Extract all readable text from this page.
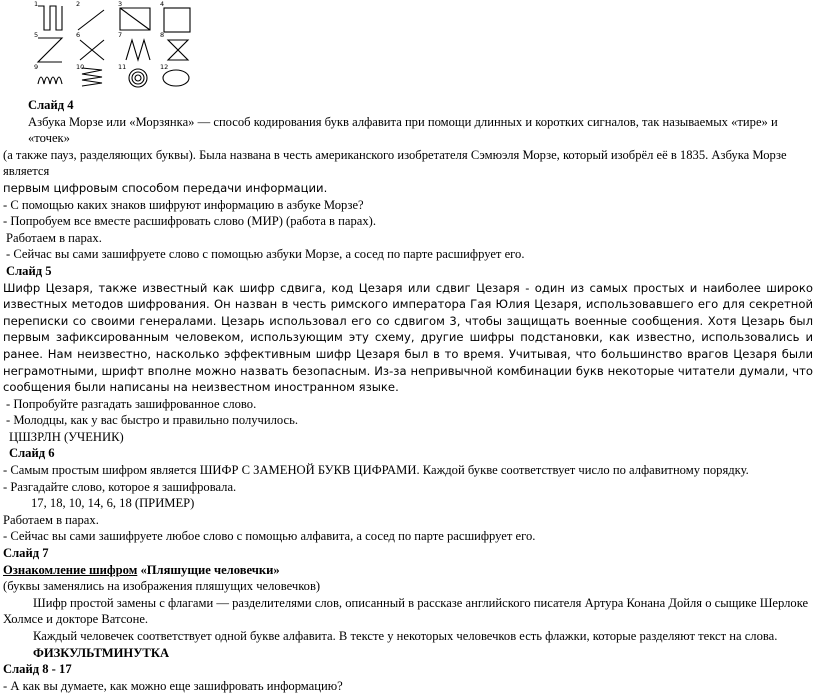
1	2	3	4
5	6	7	8
9	10	11	12

Слайд 4

Азбука Морзе или «Морзянка» — способ кодирования букв алфавита при помощи длинных и коротких сигналов, так называемых «тире» и «точек»

(а также пауз, разделяющих буквы). Была названа в честь американского изобретателя Сэмюэля Морзе, который изобрёл её в 1835. Азбука Морзе является

первым цифровым способом передачи информации.

- С помощью каких знаков шифруют информацию в азбуке Морзе?

- Попробуем все вместе расшифровать слово (МИР) (работа в парах).

Работаем в парах.

- Сейчас вы сами зашифруете слово с помощью азбуки Морзе, а сосед по парте расшифрует его.

Слайд 5

Шифр Цезаря, также известный как шифр сдвига, код Цезаря или сдвиг Цезаря - один из самых простых и наиболее широко известных методов шифрования. Он назван в честь римского императора Гая Юлия Цезаря, использовавшего его для секретной переписки со своими генералами. Цезарь использовал его со сдвигом 3, чтобы защищать военные сообщения. Хотя Цезарь был первым зафиксированным человеком, использующим эту схему, другие шифры подстановки, как известно, использовались и ранее. Нам неизвестно, насколько эффективным шифр Цезаря был в то время. Учитывая, что большинство врагов Цезаря были неграмотными, шрифт вполне можно назвать безопасным. Из-за непривычной комбинации букв некоторые читатели думали, что сообщения были написаны на неизвестном иностранном языке.

- Попробуйте разгадать зашифрованное слово.

- Молодцы, как у вас быстро и правильно получилось.

ЦШЗРЛН (УЧЕНИК)

Слайд 6

- Самым простым шифром является ШИФР С ЗАМЕНОЙ БУКВ ЦИФРАМИ. Каждой букве соответствует число по алфавитному порядку.

- Разгадайте слово, которое я зашифровала.

17, 18, 10, 14, 6, 18 (ПРИМЕР)

Работаем в парах.

- Сейчас вы сами зашифруете любое слово с помощью алфавита, а сосед по парте расшифрует его.

Слайд 7

Ознакомление шифром «Пляшущие человечки»

(буквы заменялись на изображения пляшущих человечков)

Шифр простой замены с флагами — разделителями слов, описанный в рассказе английского писателя Артура Конана Дойля о сыщике Шерлоке

Холмсе и докторе Ватсоне.

Каждый человечек соответствует одной букве алфавита. В тексте у некоторых человечков есть флажки, которые разделяют текст на слова.

ФИЗКУЛЬТМИНУТКА

Слайд 8 - 17

- А как вы думаете, как можно еще зашифровать информацию?
